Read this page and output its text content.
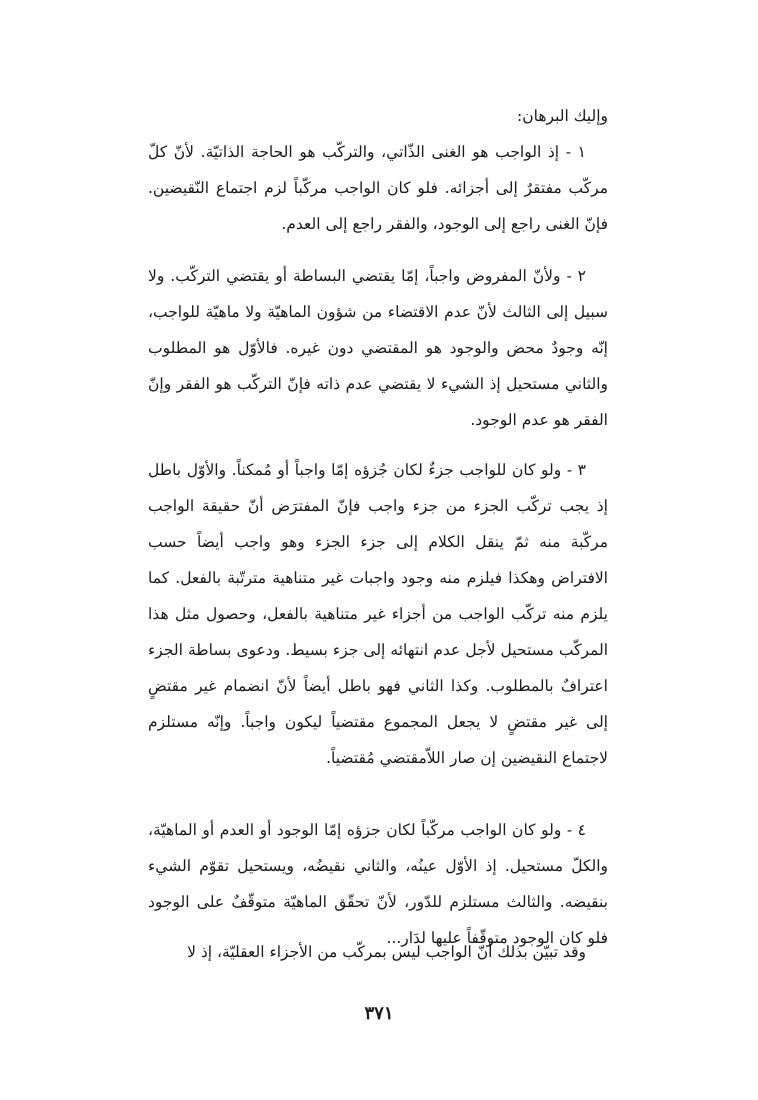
وإليك البرهان:

١ - إذ الواجب هو الغنى الذّاتي، والتركّب هو الحاجة الذاتيّة. لأنّ كلّ مركّب مفتقرٌ إلى أجزائه. فلو كان الواجب مركّباً لزم اجتماع النّقيضين. فإنّ الغنى راجع إلى الوجود، والفقر راجع إلى العدم.

٢ - ولأنّ المفروض واجباً، إمّا يقتضي البساطة أو يقتضي التركّب. ولا سبيل إلى الثالث لأنّ عدم الاقتضاء من شؤون الماهيّة ولا ماهيّة للواجب، إنّه وجودٌ محض والوجود هو المقتضي دون غيره. فالأوّل هو المطلوب والثاني مستحيل إذ الشيء لا يقتضي عدم ذاته فإنّ التركّب هو الفقر وإنّ الفقر هو عدم الوجود.

٣ - ولو كان للواجب جزءٌ لكان جُزؤه إمّا واجباً أو مُمكناً. والأوّل باطل إذ يجب تركّب الجزء من جزء واجب فإنّ المفترَض أنّ حقيقة الواجب مركّبة منه ثمّ ينقل الكلام إلى جزء الجزء وهو واجب أيضاً حسب الافتراض وهكذا فيلزم منه وجود واجبات غير متناهية مترتّبة بالفعل. كما يلزم منه تركّب الواجب من أجزاء غير متناهية بالفعل، وحصول مثل هذا المركّب مستحيل لأجل عدم انتهائه إلى جزء بسيط. ودعوى بساطة الجزء اعترافٌ بالمطلوب. وكذا الثاني فهو باطل أيضاً لأنّ انضمام غير مقتضٍ إلى غير مقتضٍ لا يجعل المجموع مقتضياً ليكون واجباً. وإنّه مستلزم لاجتماع النقيضين إن صار اللاّمقتضي مُقتضياً.

٤ - ولو كان الواجب مركّباً لكان جزؤه إمّا الوجود أو العدم أو الماهيّة، والكلّ مستحيل. إذ الأوّل عينُه، والثاني نقيضُه، ويستحيل تقوّم الشيء بنقيضه. والثالث مستلزم للدّور، لأنّ تحقّق الماهيّة متوقّفٌ على الوجود فلو كان الوجود متوقّفاً عليها لدَار...

وقد تبيّن بذلك أنّ الواجب ليس بمركّب من الأجزاء العقليّة، إذ لا

٣٧١
